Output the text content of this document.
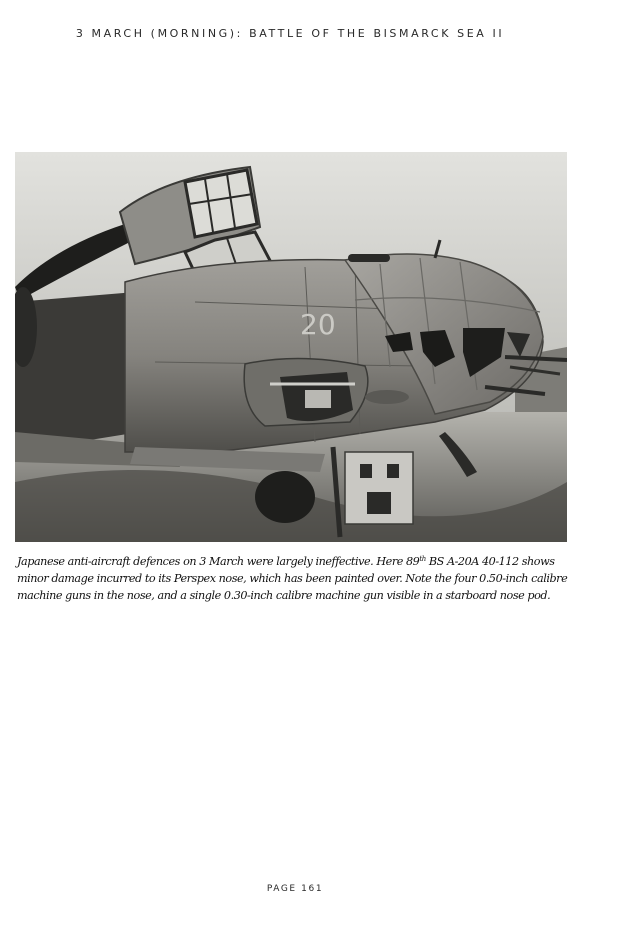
3 MARCH (MORNING): BATTLE OF THE BISMARCK SEA II
20

Japanese anti-aircraft defences on 3 March were largely ineffective. Here 89th BS A-20A 40-112 shows minor damage incurred to its Perspex nose, which has been painted over. Note the four 0.50-inch calibre machine guns in the nose, and a single 0.30-inch calibre machine gun visible in a starboard nose pod.

PAGE 161
